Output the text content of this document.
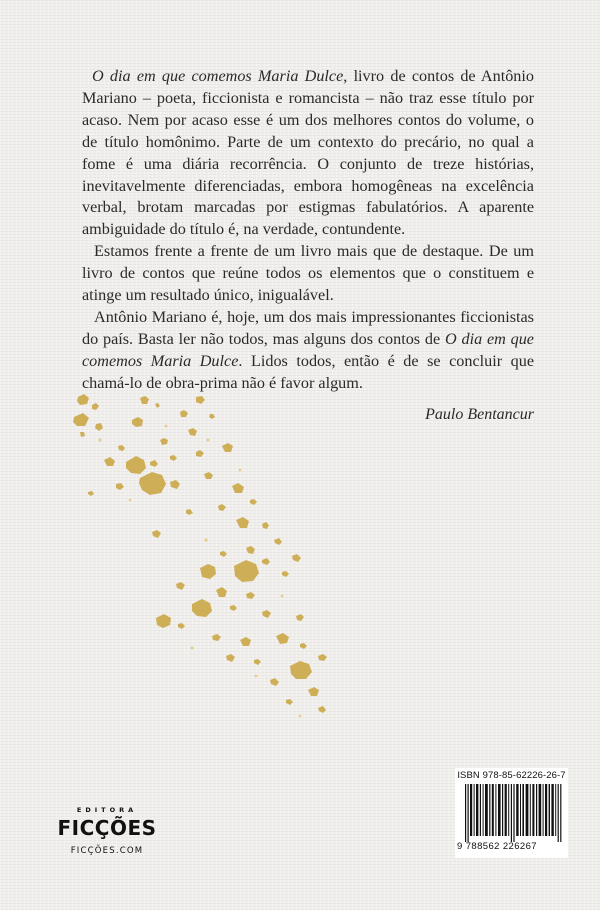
O dia em que comemos Maria Dulce, livro de contos de Antônio Mariano – poeta, ficcionista e romancista – não traz esse título por acaso. Nem por acaso esse é um dos melhores contos do volume, o de título homônimo. Parte de um contexto do precário, no qual a fome é uma diária recorrência. O conjunto de treze histórias, inevitavelmente diferenciadas, embora homogêneas na excelência verbal, brotam marcadas por estigmas fabulatórios. A aparente ambiguidade do título é, na verdade, contundente.

Estamos frente a frente de um livro mais que de destaque. De um livro de contos que reúne todos os elementos que o constituem e atinge um resultado único, inigualável.

Antônio Mariano é, hoje, um dos mais impressionantes ficcionistas do país. Basta ler não todos, mas alguns dos contos de O dia em que comemos Maria Dulce. Lidos todos, então é de se concluir que chamá-lo de obra-prima não é favor algum.

Paulo Bentancur
ISBN 978-85-62226-26-7
9 788562 226267
EDITORA
FICÇÕES
FICÇÕES.COM
